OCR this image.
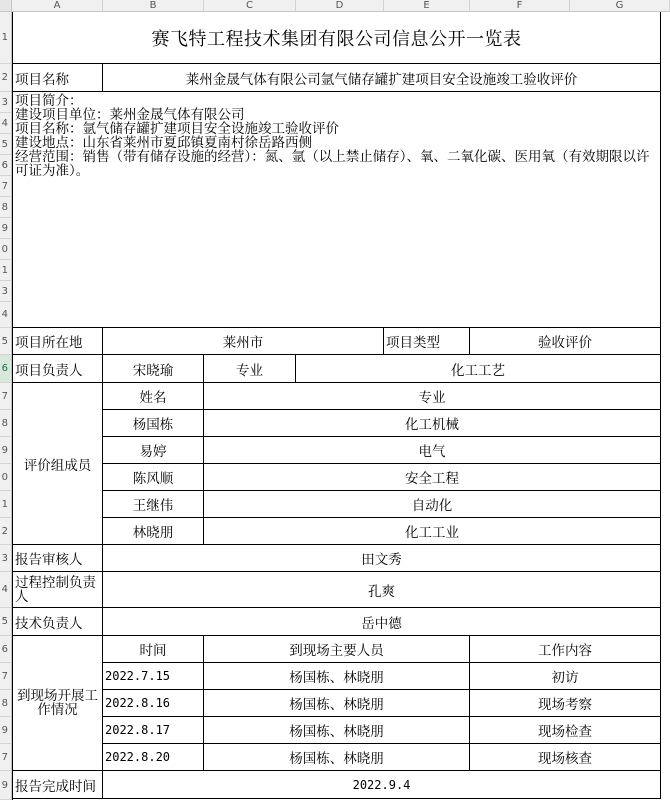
A	B	C	D	E	F	G
1
2
3
4
5
6
7
8
9
0
1
3
4
5
6
7
8
9
0
1
2
3
4
5
6
7
8
9
7
9
赛飞特工程技术集团有限公司信息公开一览表
项目名称	莱州金晟气体有限公司氩气储存罐扩建项目安全设施竣工验收评价
项目简介：
建设项目单位：莱州金晟气体有限公司
项目名称：氩气储存罐扩建项目安全设施竣工验收评价
建设地点：山东省莱州市夏邱镇夏南村徐岳路西侧
经营范围：销售（带有储存设施的经营）：氮、氩（以上禁止储存）、氧、二氧化碳、医用氧（有效期限以许可证为准）。
项目所在地	莱州市	项目类型	验收评价
项目负责人	宋晓瑜	专业	化工工艺
评价组成员
姓名	专业
杨国栋	化工机械
易婷	电气
陈风顺	安全工程
王继伟	自动化
林晓朋	化工工业
报告审核人	田文秀
过程控制负责人	孔爽
技术负责人	岳中德
到现场开展工作情况
时间	到现场主要人员	工作内容
2022.7.15	杨国栋、林晓朋	初访
2022.8.16	杨国栋、林晓朋	现场考察
2022.8.17	杨国栋、林晓朋	现场检查
2022.8.20	杨国栋、林晓朋	现场核查
报告完成时间	2022.9.4
